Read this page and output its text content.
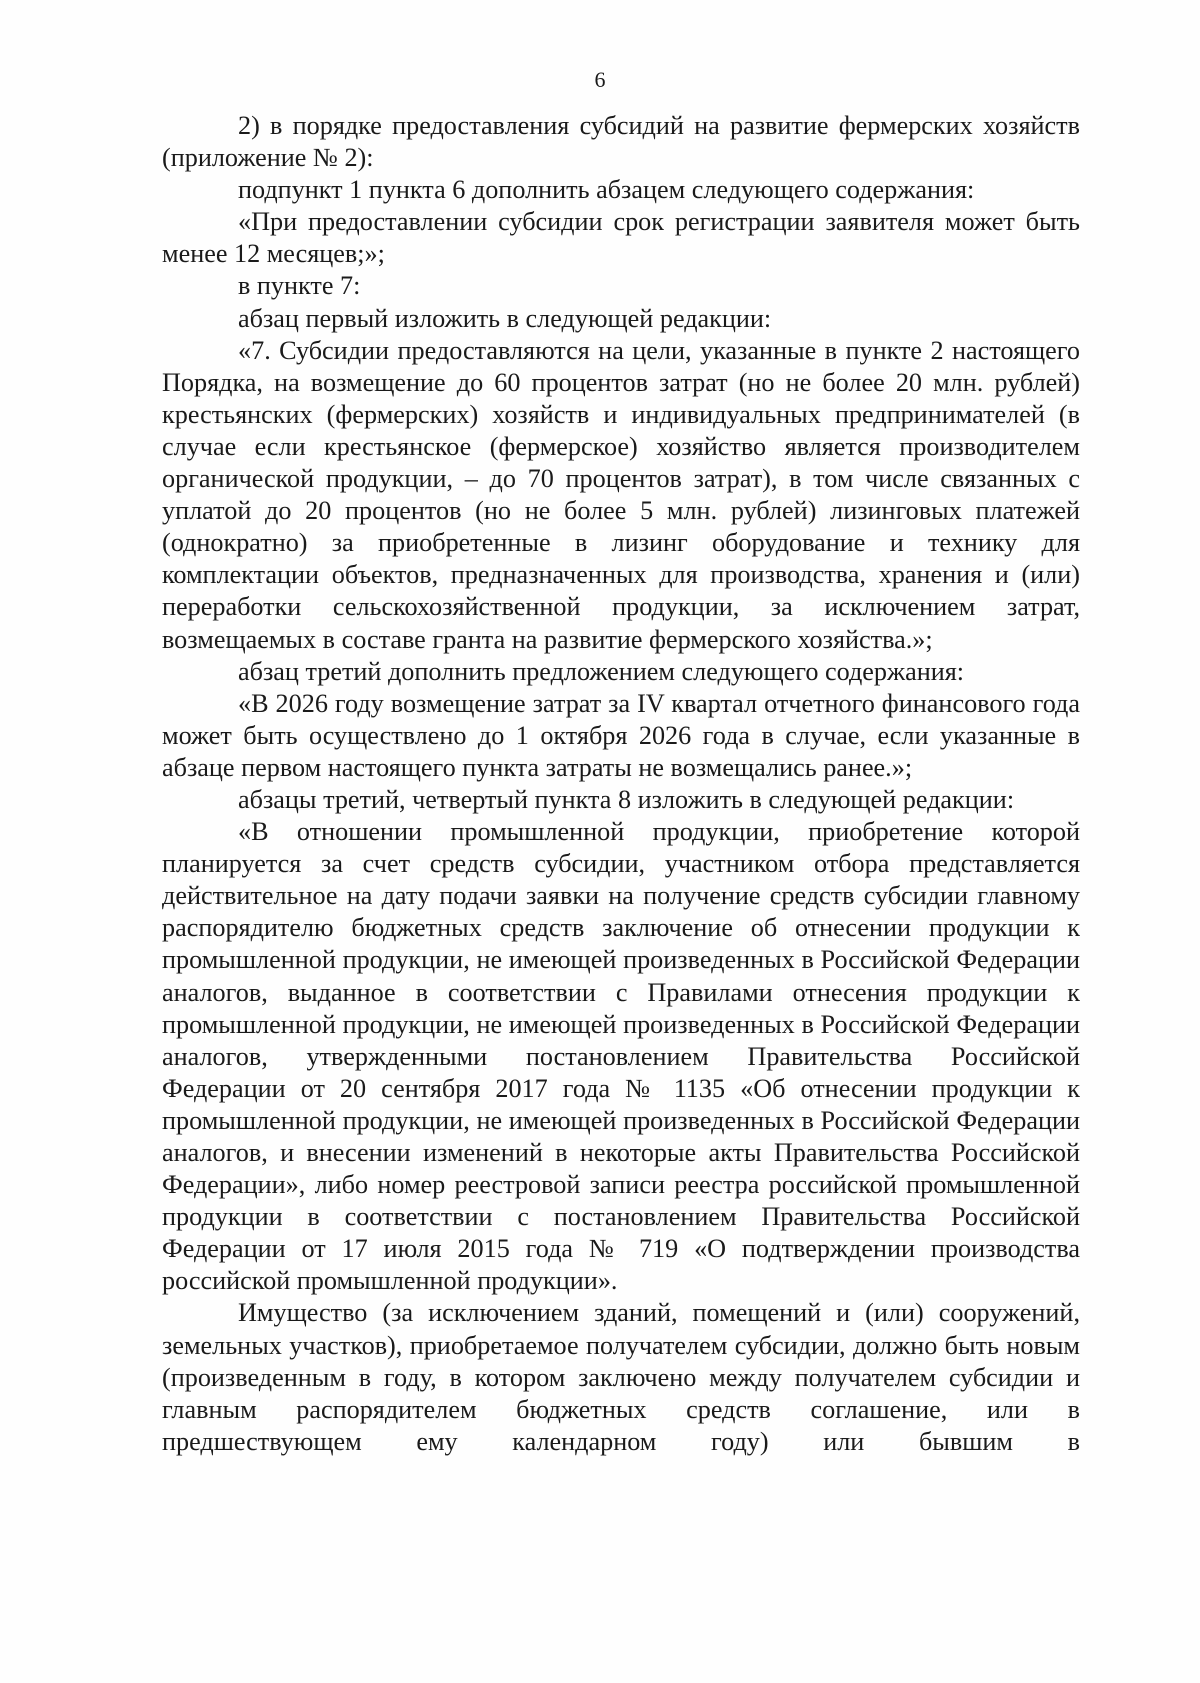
6

2) в порядке предоставления субсидий на развитие фермерских хозяйств (приложение № 2):

подпункт 1 пункта 6 дополнить абзацем следующего содержания:

«При предоставлении субсидии срок регистрации заявителя может быть менее 12 месяцев;»;

в пункте 7:

абзац первый изложить в следующей редакции:

«7. Субсидии предоставляются на цели, указанные в пункте 2 настоящего Порядка, на возмещение до 60 процентов затрат (но не более 20 млн. рублей) крестьянских (фермерских) хозяйств и индивидуальных предпринимателей (в случае если крестьянское (фермерское) хозяйство является производителем органической продукции, – до 70 процентов затрат), в том числе связанных с уплатой до 20 процентов (но не более 5 млн. рублей) лизинговых платежей (однократно) за приобретенные в лизинг оборудование и технику для комплектации объектов, предназначенных для производства, хранения и (или) переработки сельскохозяйственной продукции, за исключением затрат, возмещаемых в составе гранта на развитие фермерского хозяйства.»;

абзац третий дополнить предложением следующего содержания:

«В 2026 году возмещение затрат за IV квартал отчетного финансового года может быть осуществлено до 1 октября 2026 года в случае, если указанные в абзаце первом настоящего пункта затраты не возмещались ранее.»;

абзацы третий, четвертый пункта 8 изложить в следующей редакции:

«В отношении промышленной продукции, приобретение которой планируется за счет средств субсидии, участником отбора представляется действительное на дату подачи заявки на получение средств субсидии главному распорядителю бюджетных средств заключение об отнесении продукции к промышленной продукции, не имеющей произведенных в Российской Федерации аналогов, выданное в соответствии с Правилами отнесения продукции к промышленной продукции, не имеющей произведенных в Российской Федерации аналогов, утвержденными постановлением Правительства Российской Федерации от 20 сентября 2017 года № 1135 «Об отнесении продукции к промышленной продукции, не имеющей произведенных в Российской Федерации аналогов, и внесении изменений в некоторые акты Правительства Российской Федерации», либо номер реестровой записи реестра российской промышленной продукции в соответствии с постановлением Правительства Российской Федерации от 17 июля 2015 года № 719 «О подтверждении производства российской промышленной продукции».

Имущество (за исключением зданий, помещений и (или) сооружений, земельных участков), приобретаемое получателем субсидии, должно быть новым (произведенным в году, в котором заключено между получателем субсидии и главным распорядителем бюджетных средств соглашение, или в предшествующем ему календарном году) или бывшим в
